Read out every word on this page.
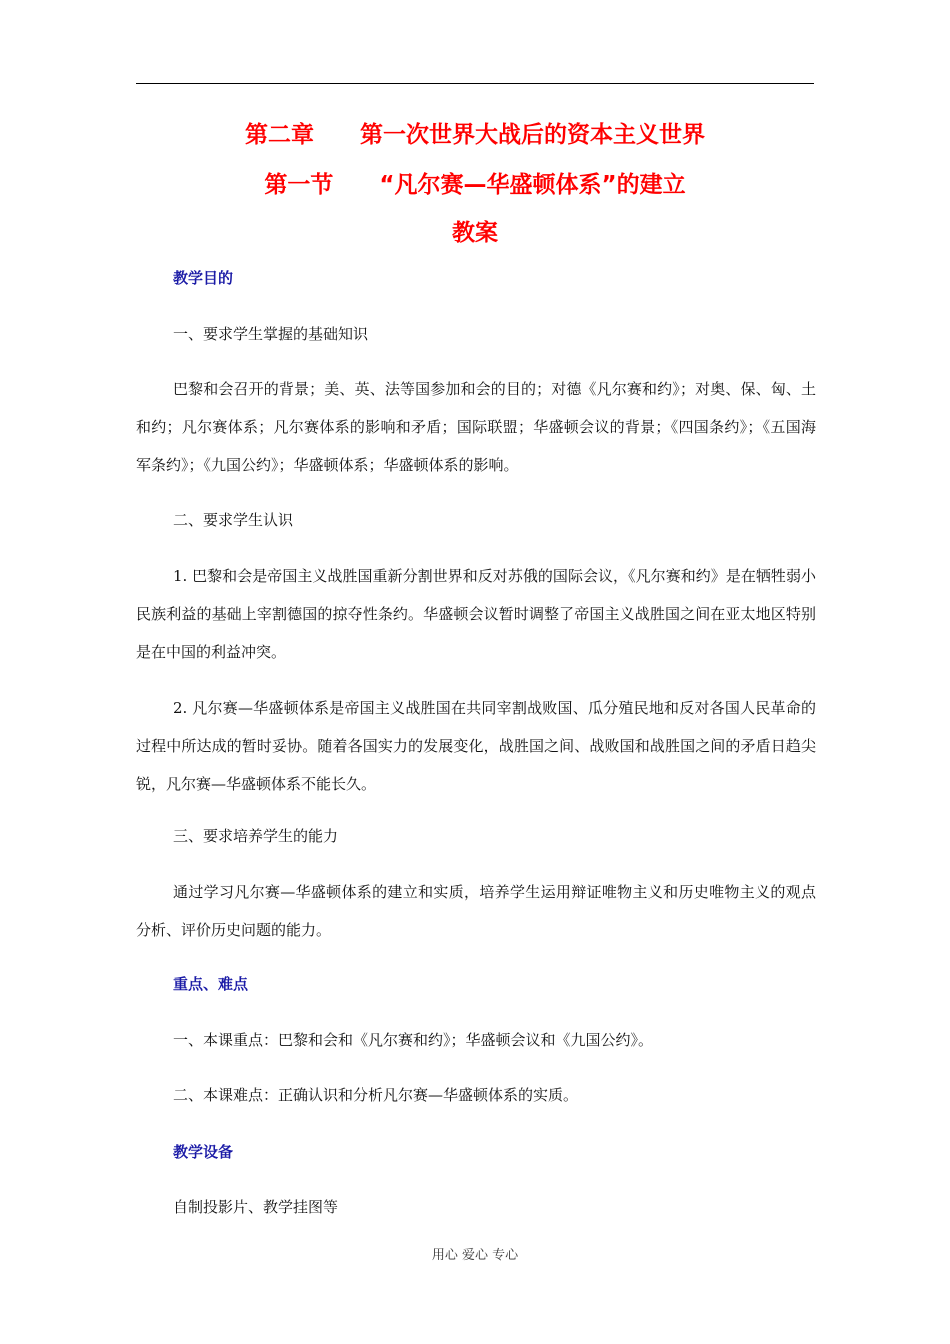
第二章　　第一次世界大战后的资本主义世界
第一节　　“凡尔赛—华盛顿体系”的建立
教案
教学目的
一、要求学生掌握的基础知识
巴黎和会召开的背景；美、英、法等国参加和会的目的；对德《凡尔赛和约》；对奥、保、匈、土和约；凡尔赛体系；凡尔赛体系的影响和矛盾；国际联盟；华盛顿会议的背景；《四国条约》；《五国海军条约》；《九国公约》；华盛顿体系；华盛顿体系的影响。
二、要求学生认识
1. 巴黎和会是帝国主义战胜国重新分割世界和反对苏俄的国际会议，《凡尔赛和约》是在牺牲弱小民族利益的基础上宰割德国的掠夺性条约。华盛顿会议暂时调整了帝国主义战胜国之间在亚太地区特别是在中国的利益冲突。
2. 凡尔赛—华盛顿体系是帝国主义战胜国在共同宰割战败国、瓜分殖民地和反对各国人民革命的过程中所达成的暂时妥协。随着各国实力的发展变化，战胜国之间、战败国和战胜国之间的矛盾日趋尖锐，凡尔赛—华盛顿体系不能长久。
三、要求培养学生的能力
通过学习凡尔赛—华盛顿体系的建立和实质，培养学生运用辩证唯物主义和历史唯物主义的观点分析、评价历史问题的能力。
重点、难点
一、本课重点：巴黎和会和《凡尔赛和约》；华盛顿会议和《九国公约》。
二、本课难点：正确认识和分析凡尔赛—华盛顿体系的实质。
教学设备
自制投影片、教学挂图等
用心 爱心 专心
